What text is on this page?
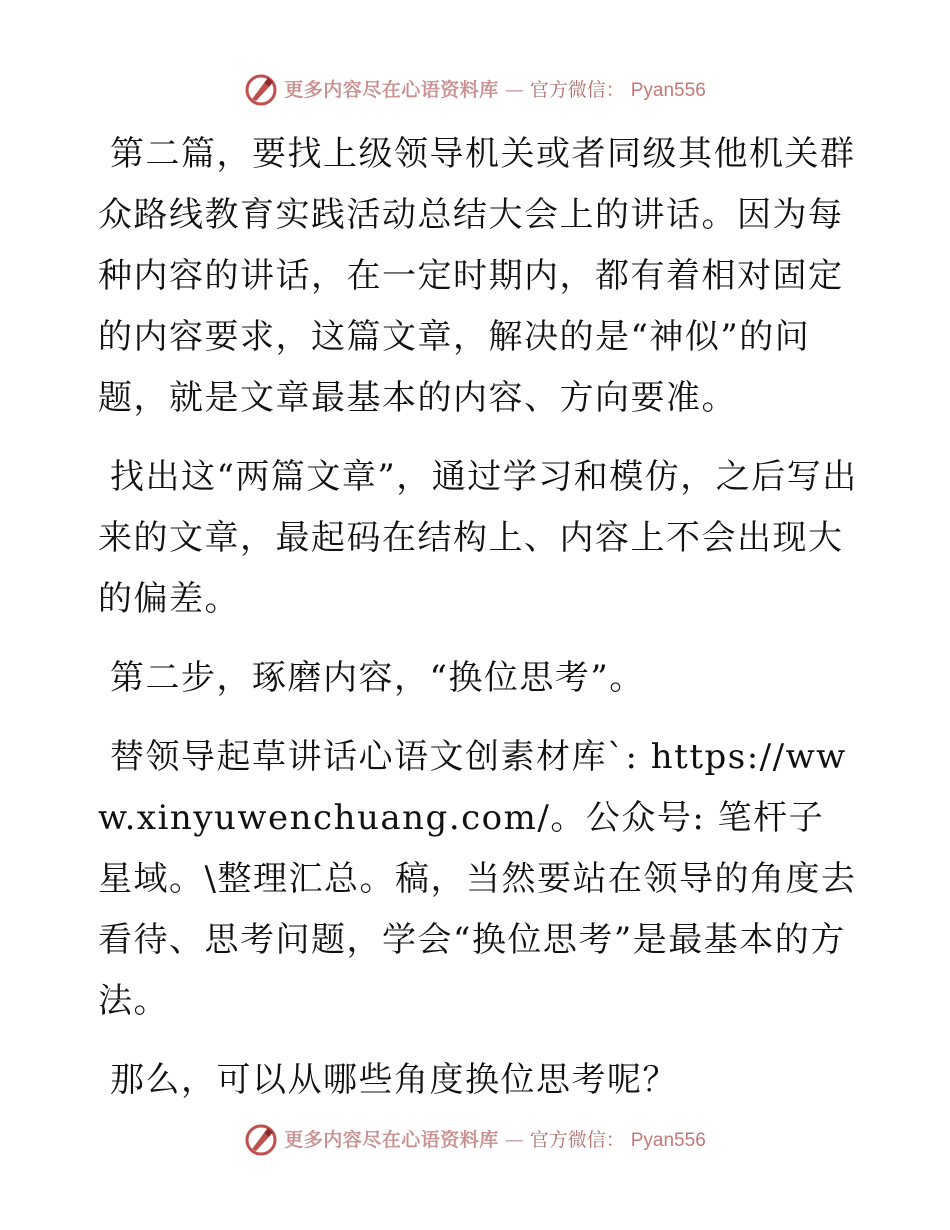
更多内容尽在心语资料库 — 官方微信： Pyan556

第二篇，要找上级领导机关或者同级其他机关群众路线教育实践活动总结大会上的讲话。因为每种内容的讲话，在一定时期内，都有着相对固定的内容要求，这篇文章，解决的是“神似”的问题，就是文章最基本的内容、方向要准。

找出这“两篇文章”，通过学习和模仿，之后写出来的文章，最起码在结构上、内容上不会出现大的偏差。

第二步，琢磨内容，“换位思考”。

替领导起草讲话心语文创素材库`: https://www.xinyuwenchuang.com/。公众号: 笔杆子星域。\整理汇总。稿，当然要站在领导的角度去看待、思考问题，学会“换位思考”是最基本的方法。

那么，可以从哪些角度换位思考呢？

更多内容尽在心语资料库 — 官方微信： Pyan556
